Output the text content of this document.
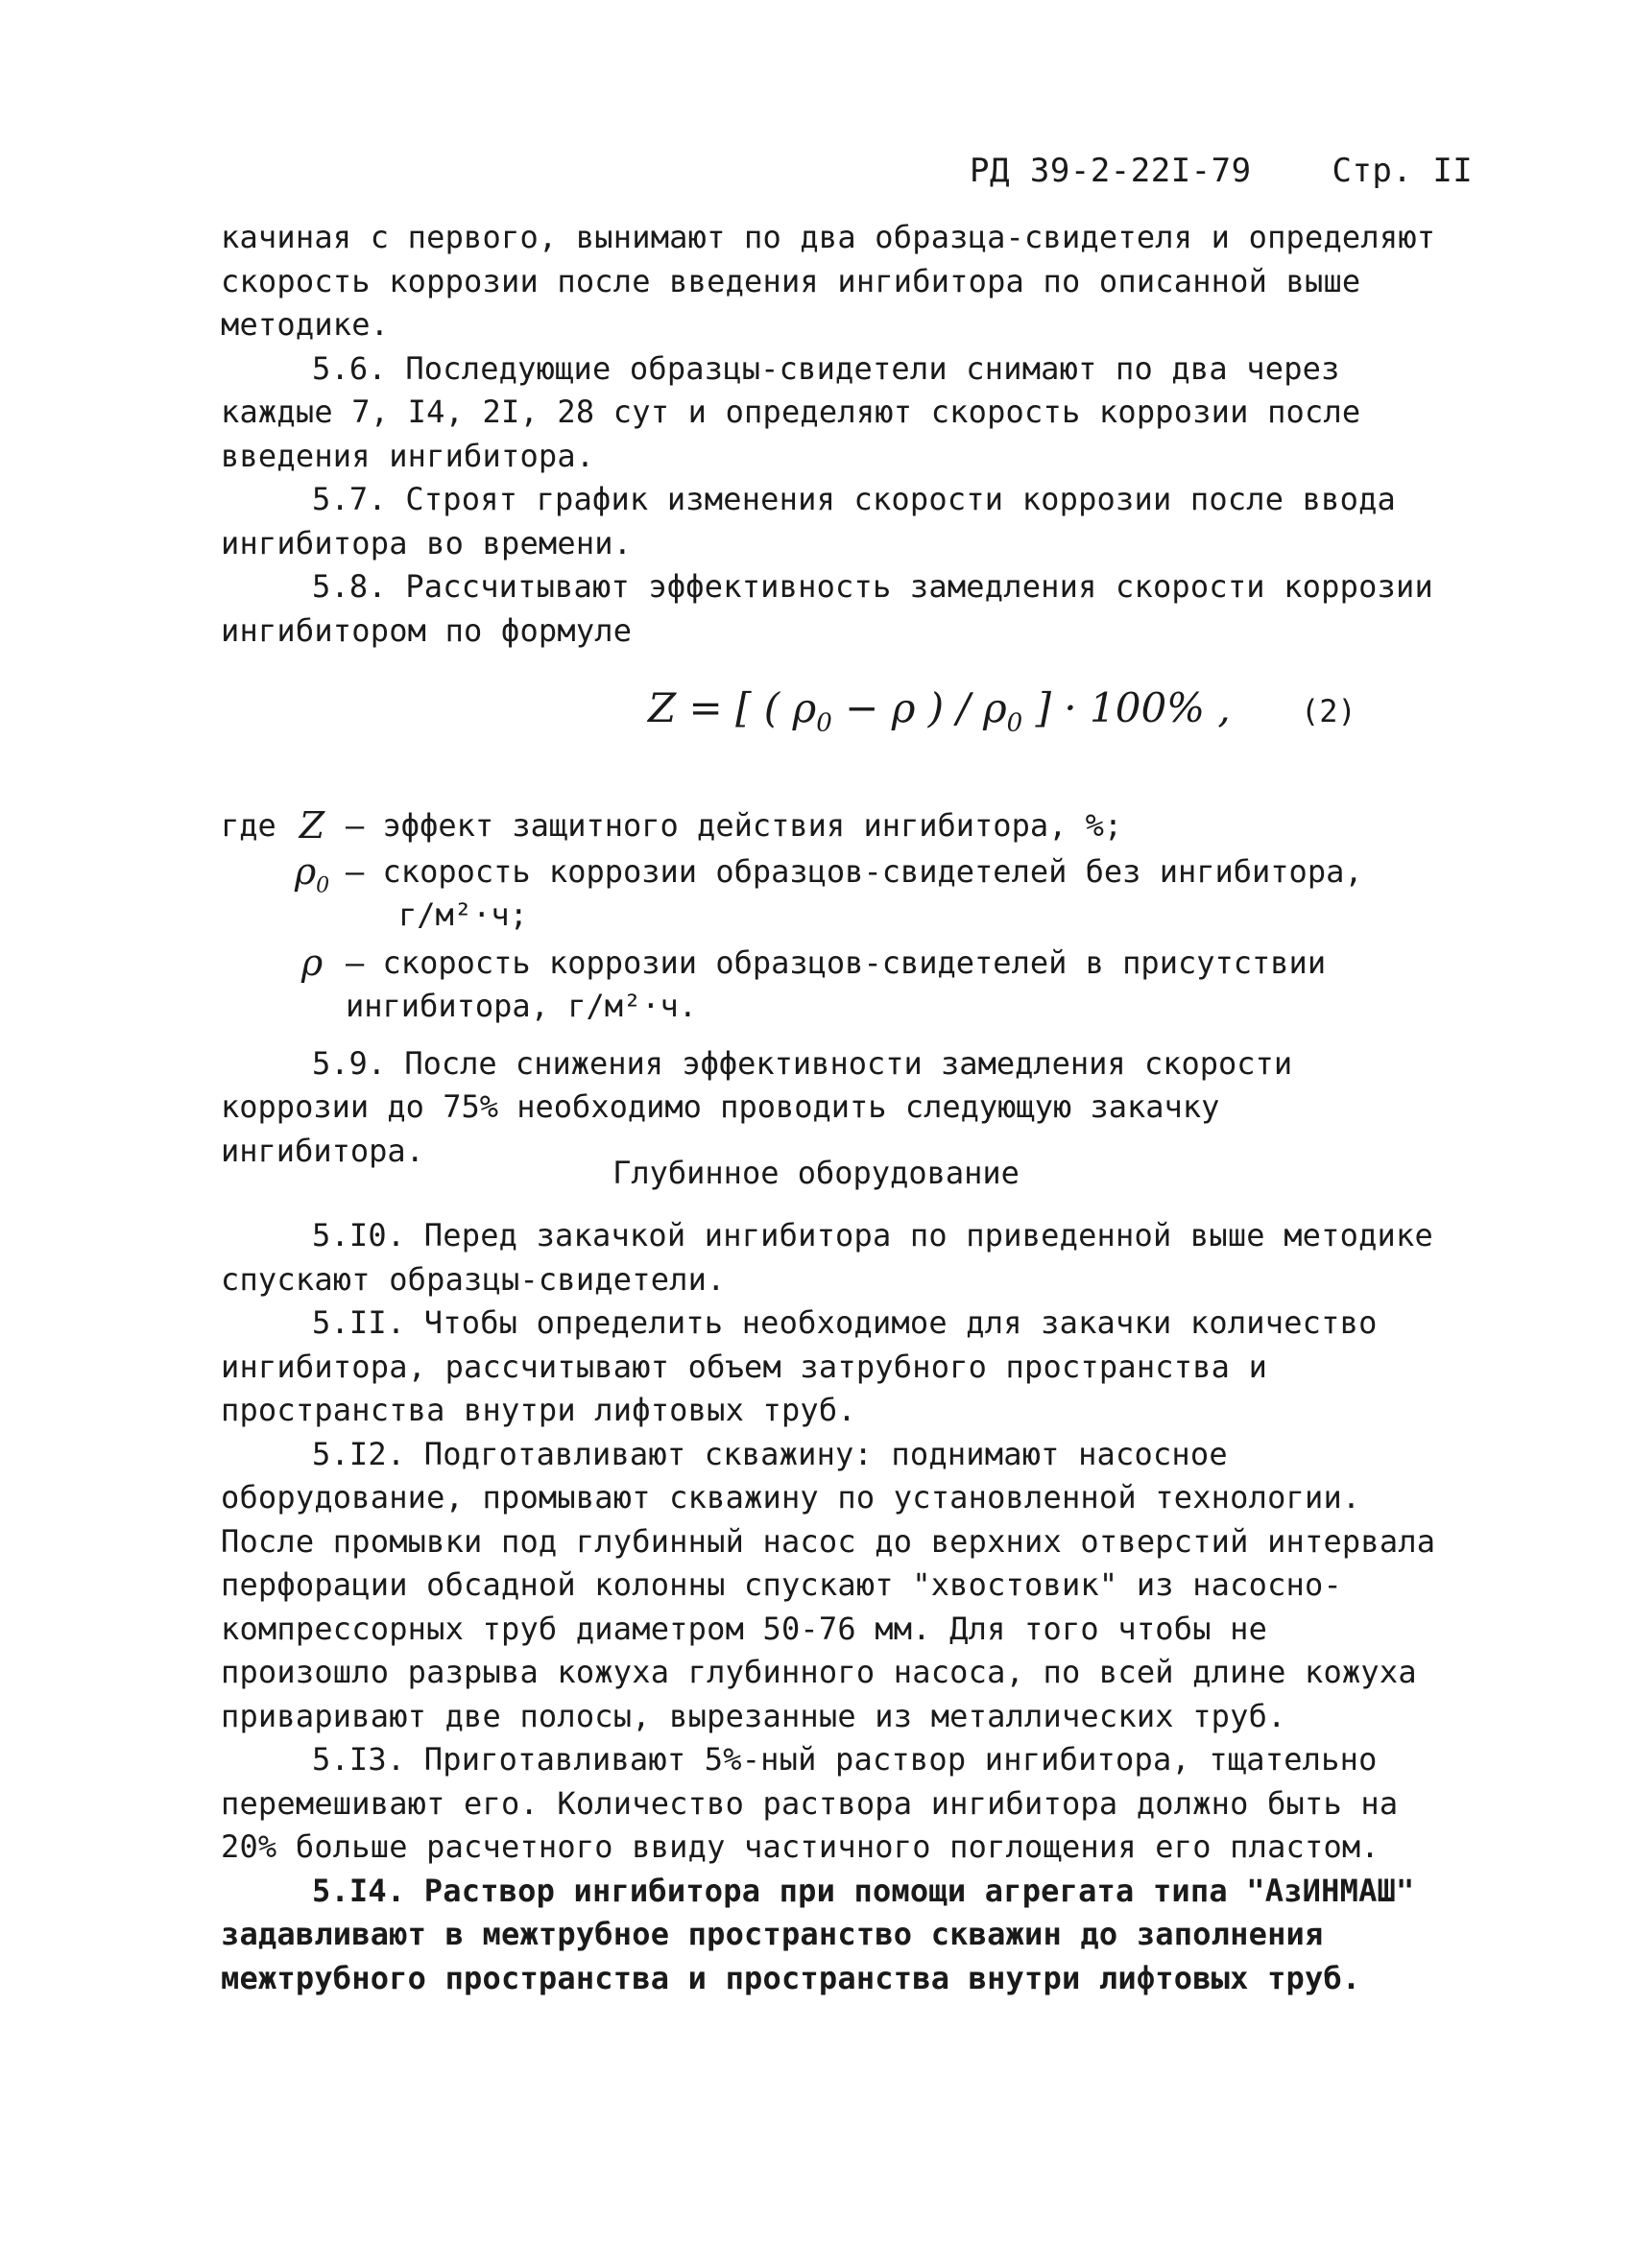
РД 39-2-22I-79 Стр. II

качиная с первого, вынимают по два образца-свидетеля и определяют скорость коррозии после введения ингибитора по описанной выше методике.

5.6. Последующие образцы-свидетели снимают по два через каждые 7, I4, 2I, 28 сут и определяют скорость коррозии после введения ингибитора.

5.7. Строят график изменения скорости коррозии после ввода ингибитора во времени.

5.8. Рассчитывают эффективность замедления скорости коррозии ингибитором по формуле

Z = [ ( $\rho_0 - \rho$ ) / $\rho_0$ ] · 100% , (2)
где Z – эффект защитного действия ингибитора, %;
$\rho_0$ – скорость коррозии образцов-свидетелей без ингибитора,
г/м²·ч;
ρ – скорость коррозии образцов-свидетелей в присутствии ингибитора, г/м²·ч.

5.9. После снижения эффективности замедления скорости коррозии до 75% необходимо проводить следующую закачку ингибитора.

Глубинное оборудование

5.I0. Перед закачкой ингибитора по приведенной выше методике спускают образцы-свидетели.

5.II. Чтобы определить необходимое для закачки количество ингибитора, рассчитывают объем затрубного пространства и пространства внутри лифтовых труб.

5.I2. Подготавливают скважину: поднимают насосное оборудование, промывают скважину по установленной технологии. После промывки под глубинный насос до верхних отверстий интервала перфорации обсадной колонны спускают "хвостовик" из насосно-компрессорных труб диаметром 50-76 мм. Для того чтобы не произошло разрыва кожуха глубинного насоса, по всей длине кожуха приваривают две полосы, вырезанные из металлических труб.

5.I3. Приготавливают 5%-ный раствор ингибитора, тщательно перемешивают его. Количество раствора ингибитора должно быть на 20% больше расчетного ввиду частичного поглощения его пластом.

5.I4. Раствор ингибитора при помощи агрегата типа "АзИНМАШ" задавливают в межтрубное пространство скважин до заполнения межтрубного пространства и пространства внутри лифтовых труб.
